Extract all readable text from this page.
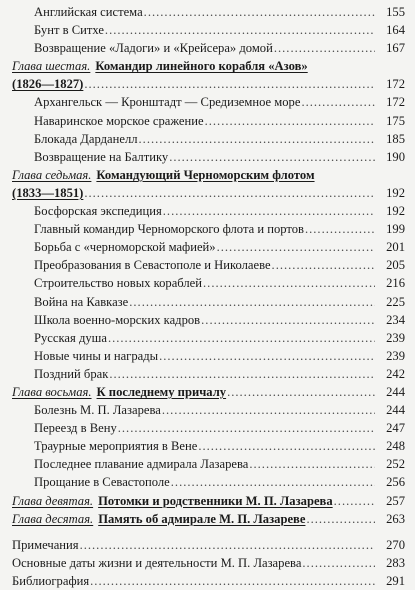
Английская система .....	155
Бунт в Ситхе .....	164
Возвращение «Ладоги» и «Крейсера» домой .....	167
Глава шестая. Командир линейного корабля «Азов»
(1826—1827) .....	172
Архангельск — Кронштадт — Средиземное море .....	172
Наваринское морское сражение .....	175
Блокада Дарданелл .....	185
Возвращение на Балтику .....	190
Глава седьмая. Командующий Черноморским флотом
(1833—1851) .....	192
Босфорская экспедиция .....	192
Главный командир Черноморского флота и портов .....	199
Борьба с «черноморской мафией» .....	201
Преобразования в Севастополе и Николаеве .....	205
Строительство новых кораблей .....	216
Война на Кавказе .....	225
Школа военно-морских кадров .....	234
Русская душа .....	239
Новые чины и награды .....	239
Поздний брак .....	242
Глава восьмая. К последнему причалу .....	244
Болезнь М. П. Лазарева .....	244
Переезд в Вену .....	247
Траурные мероприятия в Вене .....	248
Последнее плавание адмирала Лазарева .....	252
Прощание в Севастополе .....	256
Глава девятая. Потомки и родственники М. П. Лазарева .....	257
Глава десятая. Память об адмирале М. П. Лазареве .....	263
Примечания .....	270
Основные даты жизни и деятельности М. П. Лазарева .....	283
Библиография .....	291
